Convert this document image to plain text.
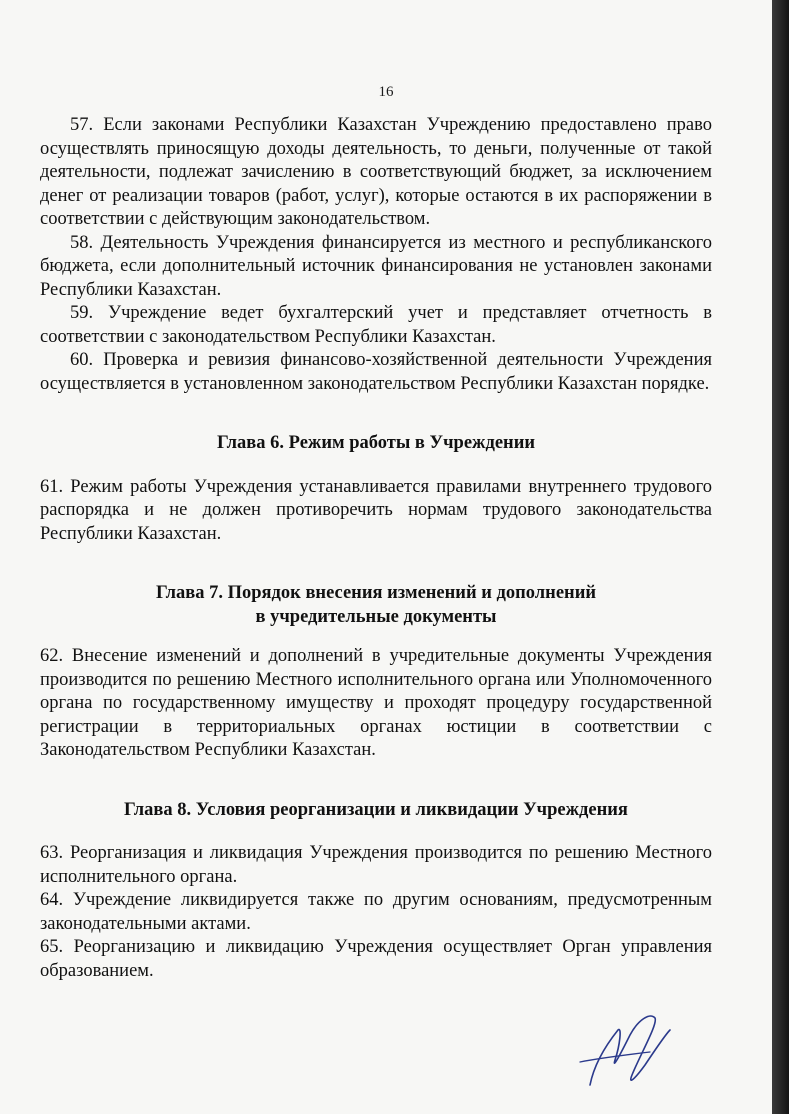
16

57. Если законами Республики Казахстан Учреждению предоставлено право осуществлять приносящую доходы деятельность, то деньги, полученные от такой деятельности, подлежат зачислению в соответствующий бюджет, за исключением денег от реализации товаров (работ, услуг), которые остаются в их распоряжении в соответствии с действующим законодательством.

58. Деятельность Учреждения финансируется из местного и республиканского бюджета, если дополнительный источник финансирования не установлен законами Республики Казахстан.

59. Учреждение ведет бухгалтерский учет и представляет отчетность в соответствии с законодательством Республики Казахстан.

60. Проверка и ревизия финансово-хозяйственной деятельности Учреждения осуществляется в установленном законодательством Республики Казахстан порядке.

Глава 6. Режим работы в Учреждении

61. Режим работы Учреждения устанавливается правилами внутреннего трудового распорядка и не должен противоречить нормам трудового законодательства Республики Казахстан.

Глава 7. Порядок внесения изменений и дополнений
в учредительные документы

62. Внесение изменений и дополнений в учредительные документы Учреждения производится по решению Местного исполнительного органа или Уполномоченного органа по государственному имуществу и проходят процедуру государственной регистрации в территориальных органах юстиции в соответствии с Законодательством Республики Казахстан.

Глава 8. Условия реорганизации и ликвидации Учреждения

63. Реорганизация и ликвидация Учреждения производится по решению Местного исполнительного органа.

64. Учреждение ликвидируется также по другим основаниям, предусмотренным законодательными актами.

65. Реорганизацию и ликвидацию Учреждения осуществляет Орган управления образованием.
